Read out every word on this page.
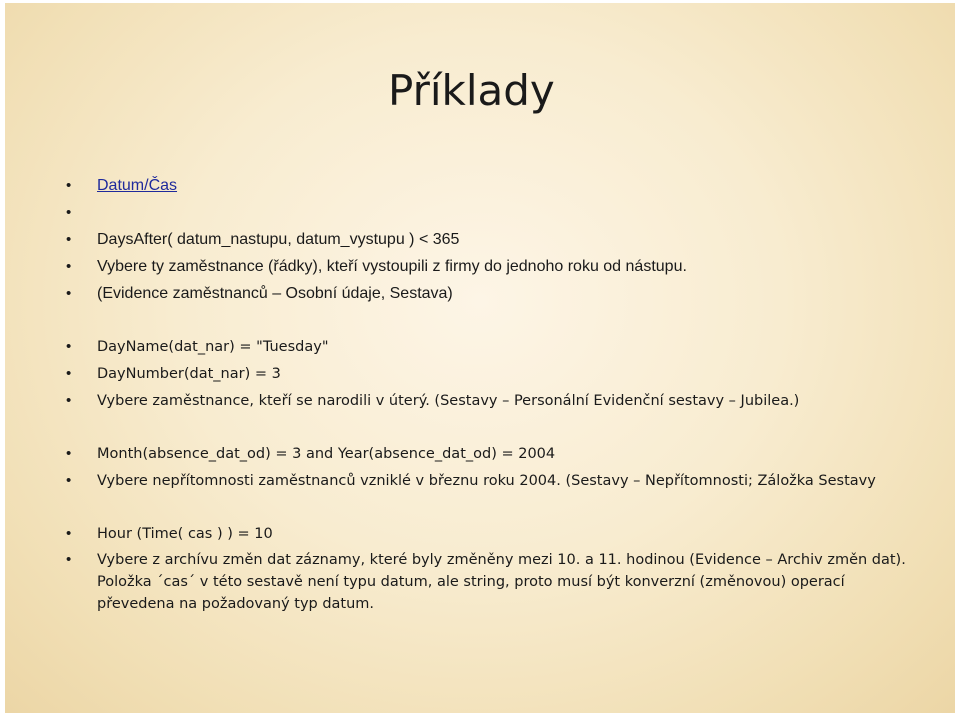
Příklady

• Datum/Čas

• DaysAfter( datum_nastupu, datum_vystupu ) < 365

• Vybere ty zaměstnance (řádky), kteří vystoupili z firmy do jednoho roku od nástupu.

• (Evidence zaměstnanců – Osobní údaje, Sestava)

• DayName(dat_nar) = "Tuesday"

• DayNumber(dat_nar) = 3

• Vybere zaměstnance, kteří se narodili v úterý. (Sestavy – Personální Evidenční sestavy – Jubilea.)

• Month(absence_dat_od) = 3 and Year(absence_dat_od) = 2004

• Vybere nepřítomnosti zaměstnanců vzniklé v březnu roku 2004. (Sestavy – Nepřítomnosti; Záložka Sestavy

• Hour (Time( cas ) ) = 10

• Vybere z archívu změn dat záznamy, které byly změněny mezi 10. a 11. hodinou (Evidence – Archiv změn dat). Položka ´cas´ v této sestavě není typu datum, ale string, proto musí být konverzní (změnovou) operací převedena na požadovaný typ datum.
